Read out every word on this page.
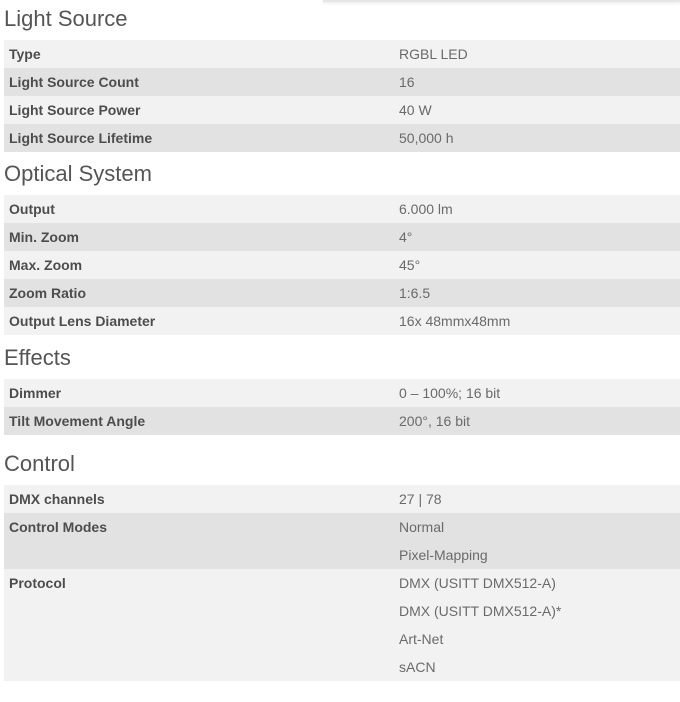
Light Source
Type	RGBL LED
Light Source Count	16
Light Source Power	40 W
Light Source Lifetime	50,000 h
Optical System
Output	6.000 lm
Min. Zoom	4°
Max. Zoom	45°
Zoom Ratio	1:6.5
Output Lens Diameter	16x 48mmx48mm
Effects
Dimmer	0 – 100%; 16 bit
Tilt Movement Angle	200°, 16 bit
Control
DMX channels	27 | 78
Control Modes	Normal
	Pixel-Mapping
Protocol	DMX (USITT DMX512-A)
	DMX (USITT DMX512-A)*
	Art-Net
	sACN
